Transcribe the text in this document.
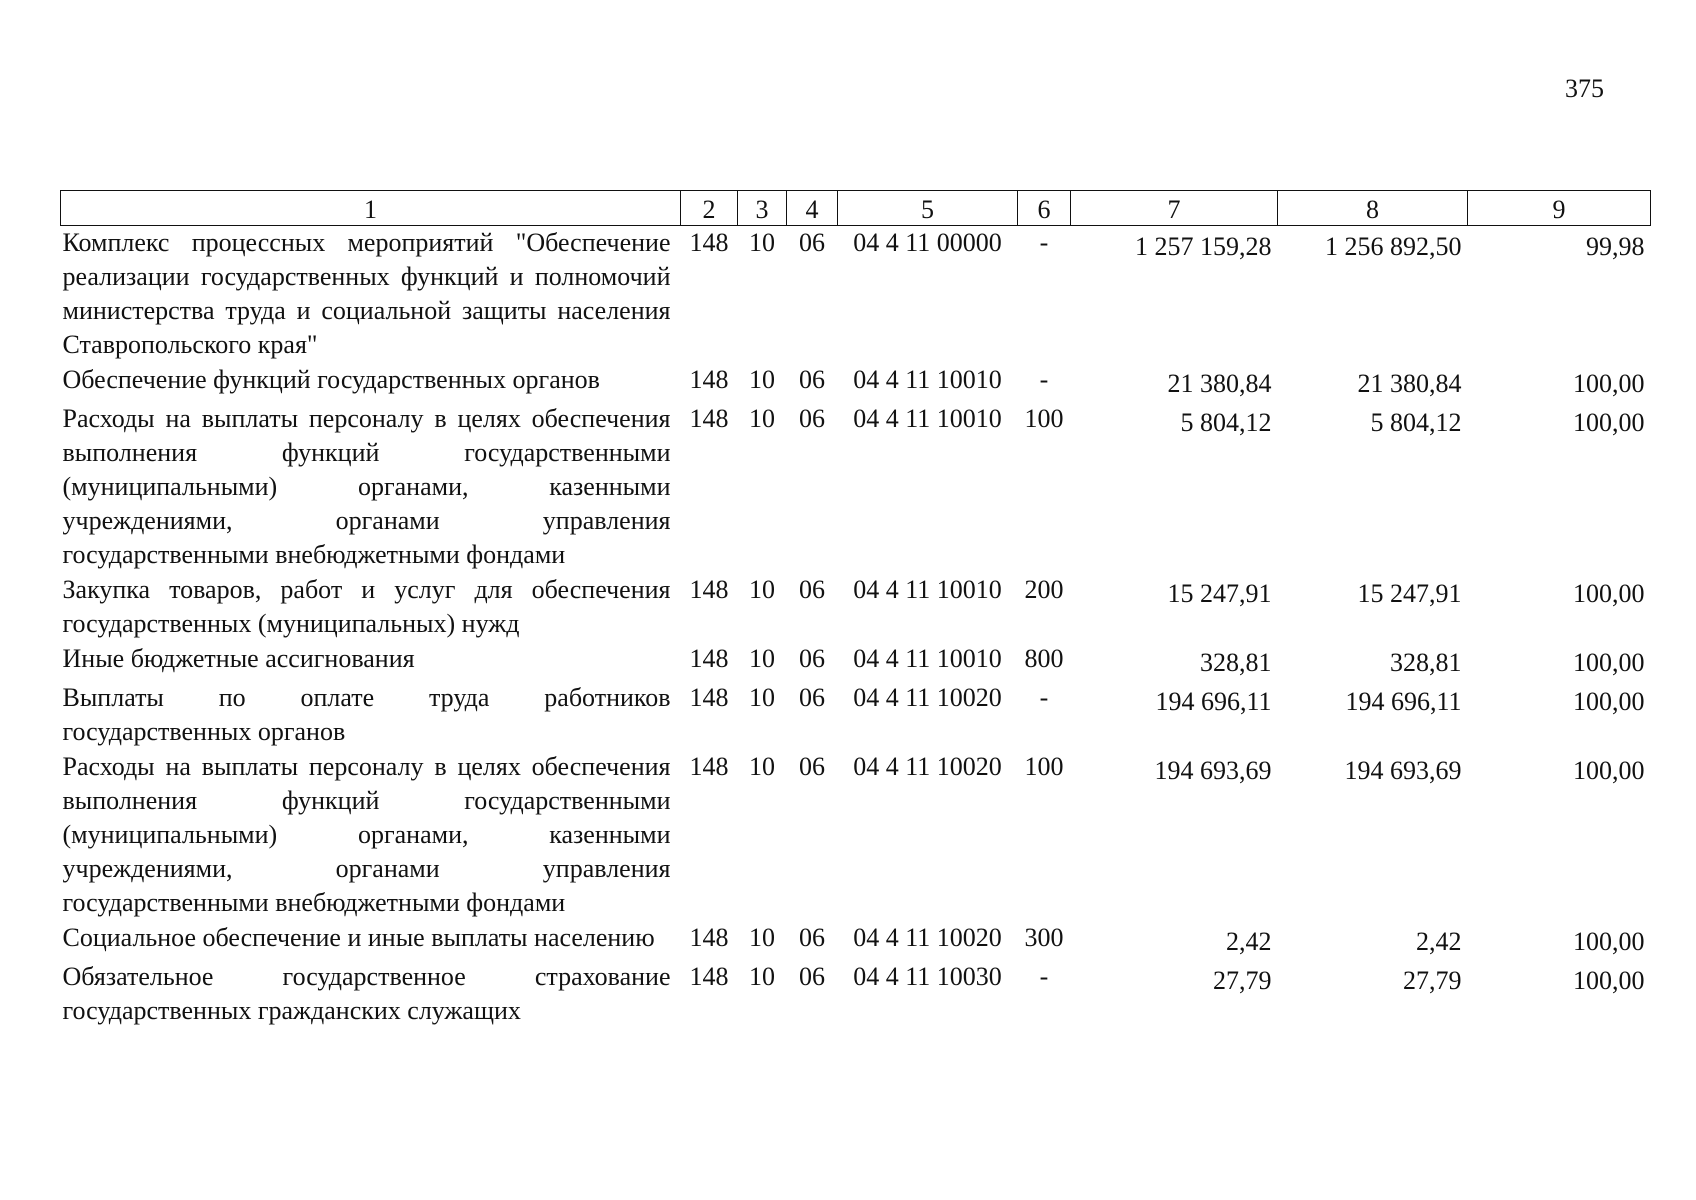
375
1	2	3	4	5	6	7	8	9
Комплекс процессных мероприятий "Обеспечение реализации государственных функций и полномочий министерства труда и социальной защиты населения Ставропольского края"	148	10	06	04 4 11 00000	-	1 257 159,28	1 256 892,50	99,98
Обеспечение функций государственных органов	148	10	06	04 4 11 10010	-	21 380,84	21 380,84	100,00
Расходы на выплаты персоналу в целях обеспечения выполнения функций государственными (муниципальными) органами, казенными учреждениями, органами управления государственными внебюджетными фондами	148	10	06	04 4 11 10010	100	5 804,12	5 804,12	100,00
Закупка товаров, работ и услуг для обеспечения государственных (муниципальных) нужд	148	10	06	04 4 11 10010	200	15 247,91	15 247,91	100,00
Иные бюджетные ассигнования	148	10	06	04 4 11 10010	800	328,81	328,81	100,00
Выплаты по оплате труда работников государственных органов	148	10	06	04 4 11 10020	-	194 696,11	194 696,11	100,00
Расходы на выплаты персоналу в целях обеспечения выполнения функций государственными (муниципальными) органами, казенными учреждениями, органами управления государственными внебюджетными фондами	148	10	06	04 4 11 10020	100	194 693,69	194 693,69	100,00
Социальное обеспечение и иные выплаты населению	148	10	06	04 4 11 10020	300	2,42	2,42	100,00
Обязательное государственное страхование государственных гражданских служащих	148	10	06	04 4 11 10030	-	27,79	27,79	100,00
